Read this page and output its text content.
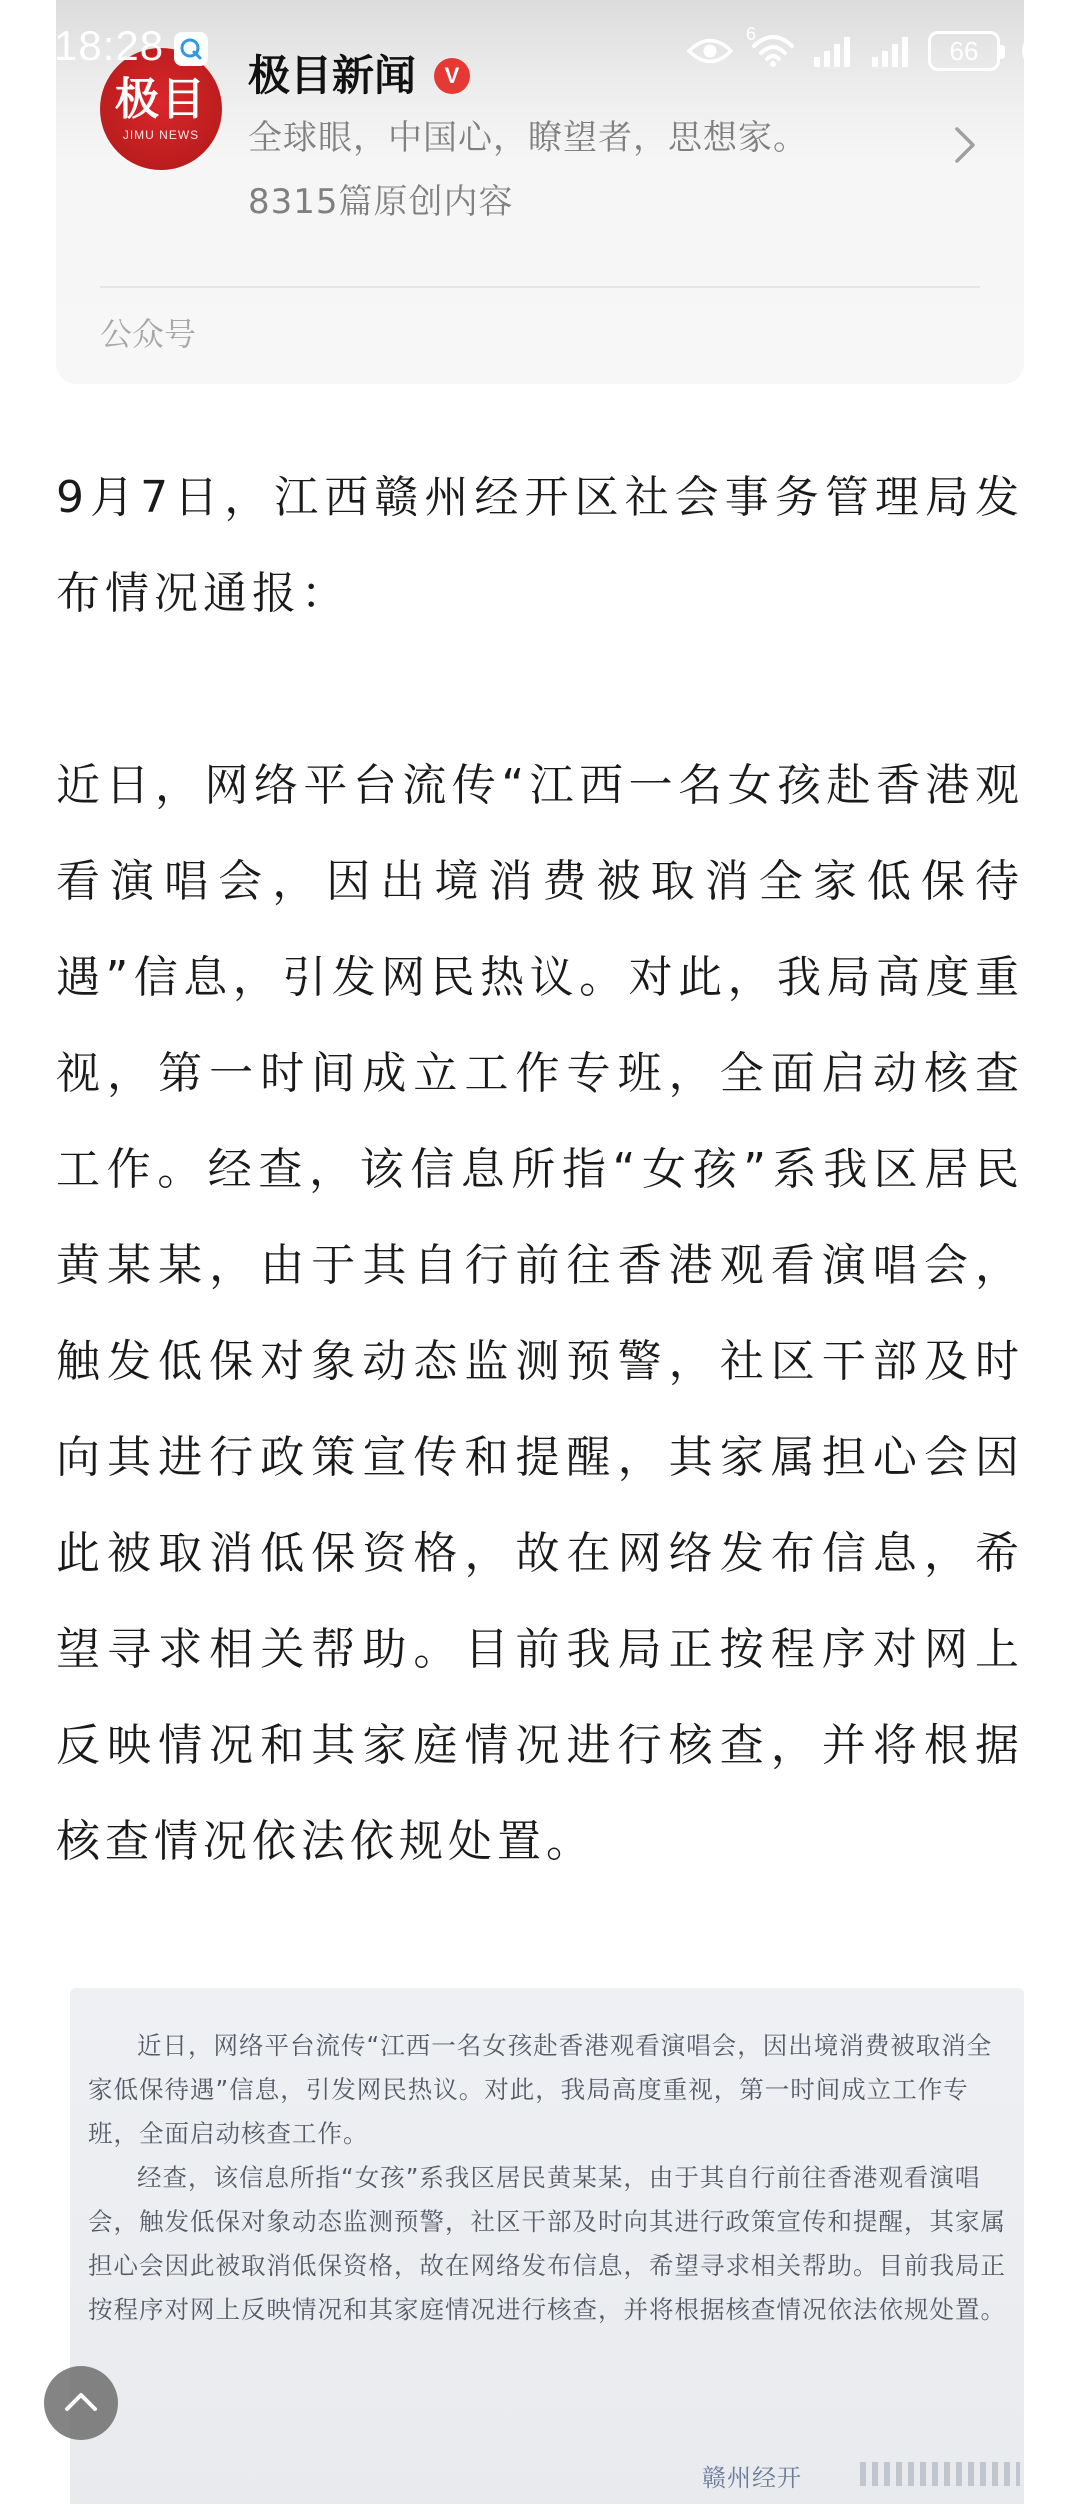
极目
JIMU NEWS
极目新闻	V
全球眼，中国心，瞭望者，思想家。
8315篇原创内容
公众号
18:28	6
66

9月7日，江西赣州经开区社会事务管理局发布情况通报：

近日，网络平台流传“江西一名女孩赴香港观看演唱会，因出境消费被取消全家低保待遇”信息，引发网民热议。对此，我局高度重视，第一时间成立工作专班，全面启动核查工作。经查，该信息所指“女孩”系我区居民黄某某，由于其自行前往香港观看演唱会，触发低保对象动态监测预警，社区干部及时向其进行政策宣传和提醒，其家属担心会因此被取消低保资格，故在网络发布信息，希望寻求相关帮助。目前我局正按程序对网上反映情况和其家庭情况进行核查，并将根据核查情况依法依规处置。

近日，网络平台流传“江西一名女孩赴香港观看演唱会，因出境消费被取消全家低保待遇”信息，引发网民热议。对此，我局高度重视，第一时间成立工作专班，全面启动核查工作。

经查，该信息所指“女孩”系我区居民黄某某，由于其自行前往香港观看演唱会，触发低保对象动态监测预警，社区干部及时向其进行政策宣传和提醒，其家属担心会因此被取消低保资格，故在网络发布信息，希望寻求相关帮助。目前我局正按程序对网上反映情况和其家庭情况进行核查，并将根据核查情况依法依规处置。

赣州经开
